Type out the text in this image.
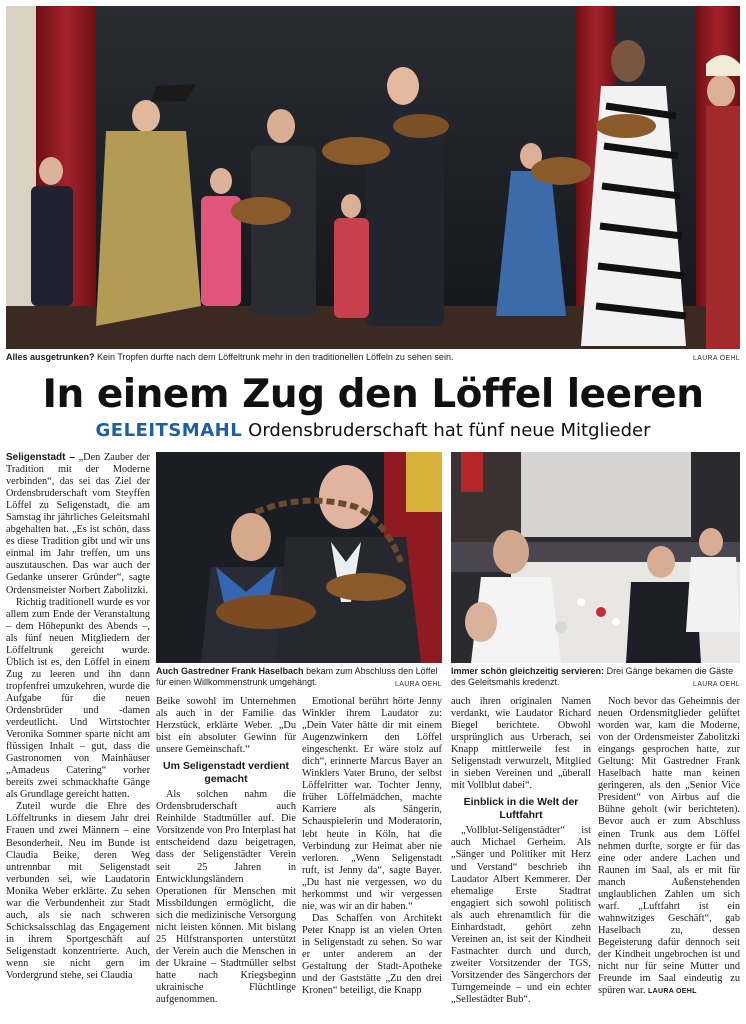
Alles ausgetrunken? Kein Tropfen durfte nach dem Löffeltrunk mehr in den traditionellen Löffeln zu sehen sein.	LAURA OEHL
In einem Zug den Löffel leeren
GELEITSMAHL Ordensbruderschaft hat fünf neue Mitglieder

Seligenstadt – „Den Zauber der Tradition mit der Moderne verbinden“, das sei das Ziel der Ordensbruderschaft vom Steyffen Löffel zu Seligenstadt, die am Samstag ihr jährliches Geleitsmahl abgehalten hat. „Es ist schön, dass es diese Tradition gibt und wir uns einmal im Jahr treffen, um uns auszutauschen. Das war auch der Gedanke unserer Gründer“, sagte Ordensmeister Norbert Zabolitzki.

Richtig traditionell wurde es vor allem zum Ende der Veranstaltung – dem Höhepunkt des Abends –, als fünf neuen Mitgliedern der Löffeltrunk gereicht wurde. Üblich ist es, den Löffel in einem Zug zu leeren und ihn dann tropfenfrei umzukehren, wurde die Aufgabe für die neuen Ordensbrüder und -damen verdeutlicht. Und Wirtstochter Veronika Sommer sparte nicht am flüssigen Inhalt – gut, dass die Gastronomen von Mainhäuser „Amadeus Catering“ vorher bereits zwei schmackhafte Gänge als Grundlage gereicht hatten.

Zuteil wurde die Ehre des Löffeltrunks in diesem Jahr drei Frauen und zwei Männern – eine Besonderheit. Neu im Bunde ist Claudia Beike, deren Weg untrennbar mit Seligenstadt verbunden sei, wie Laudatorin Monika Weber erklärte. Zu sehen war die Verbundenheit zur Stadt auch, als sie nach schweren Schicksalsschlag das Engagement in ihrem Sportgeschäft auf Seligenstadt konzentrierte. Auch, wenn sie nicht gern im Vordergrund stehe, sei Claudia

Auch Gastredner Frank Haselbach bekam zum Abschluss den Löffel für einen Willkommenstrunk umgehängt.	LAURA OEHL
Immer schön gleichzeitig servieren: Drei Gänge bekamen die Gäste des Geleitsmahls kredenzt.	LAURA OEHL

Beike sowohl im Unternehmen als auch in der Familie das Herzstück, erklärte Weber. „Du bist ein absoluter Gewinn für unsere Gemeinschaft.“

Um Seligenstadt verdient gemacht

Als solchen nahm die Ordensbruderschaft auch Reinhilde Stadtmüller auf. Die Vorsitzende von Pro Interplast hat entscheidend dazu beigetragen, dass der Seligenstädter Verein seit 25 Jahren in Entwicklungsländern Operationen für Menschen mit Missbildungen ermöglicht, die sich die medizinische Versorgung nicht leisten können. Mit bislang 25 Hilfstransporten unterstützt der Verein auch die Menschen in der Ukraine – Stadtmüller selbst hatte nach Kriegsbeginn ukrainische Flüchtlinge aufgenommen.

Emotional berührt hörte Jenny Winkler ihrem Laudator zu: „Dein Vater hätte dir mit einem Augenzwinkern den Löffel eingeschenkt. Er wäre stolz auf dich“, erinnerte Marcus Bayer an Winklers Vater Bruno, der selbst Löffelritter war. Tochter Jenny, früher Löffelmädchen, machte Karriere als Sängerin, Schauspielerin und Moderatorin, lebt heute in Köln, hat die Verbindung zur Heimat aber nie verloren. „Wenn Seligenstadt ruft, ist Jenny da“, sagte Bayer. „Du hast nie vergessen, wo du herkommst und wir vergessen nie, was wir an dir haben.“

Das Schaffen von Architekt Peter Knapp ist an vielen Orten in Seligenstadt zu sehen. So war er unter anderem an der Gestaltung der Stadt-Apotheke und der Gaststätte „Zu den drei Kronen“ beteiligt, die Knapp

auch ihren originalen Namen verdankt, wie Laudator Richard Biegel berichtete. Obwohl ursprünglich aus Urberach, sei Knapp mittlerweile fest in Seligenstadt verwurzelt, Mitglied in sieben Vereinen und „überall mit Vollblut dabei“.

Einblick in die Welt der Luftfahrt

„Vollblut-Seligenstädter“ ist auch Michael Gerheim. Als „Sänger und Politiker mit Herz und Verstand“ beschrieb ihn Laudator Albert Kemmerer. Der ehemalige Erste Stadtrat engagiert sich sowohl politisch als auch ehrenamtlich für die Einhardstadt, gehört zehn Vereinen an, ist seit der Kindheit Fastnachter durch und durch, zweiter Vorsitzender der TGS, Vorsitzender des Sängerchors der Turngemeinde – und ein echter „Sellestädter Bub“.

Noch bevor das Geheimnis der neuen Ordensmitglieder gelüftet worden war, kam die Moderne, von der Ordensmeister Zabolitzki eingangs gesprochen hatte, zur Geltung: Mit Gastredner Frank Haselbach hatte man keinen geringeren, als den „Senior Vice President“ von Airbus auf die Bühne geholt (wir berichteten). Bevor auch er zum Abschluss einen Trunk aus dem Löffel nehmen durfte, sorgte er für das eine oder andere Lachen und Raunen im Saal, als er mit für manch Außenstehenden unglaublichen Zahlen um sich warf. „Luftfahrt ist ein wahnwitziges Geschäft“, gab Haselbach zu, dessen Begeisterung dafür dennoch seit der Kindheit ungebrochen ist und nicht nur für seine Mutter und Freunde im Saal eindeutig zu spüren war. LAURA OEHL
